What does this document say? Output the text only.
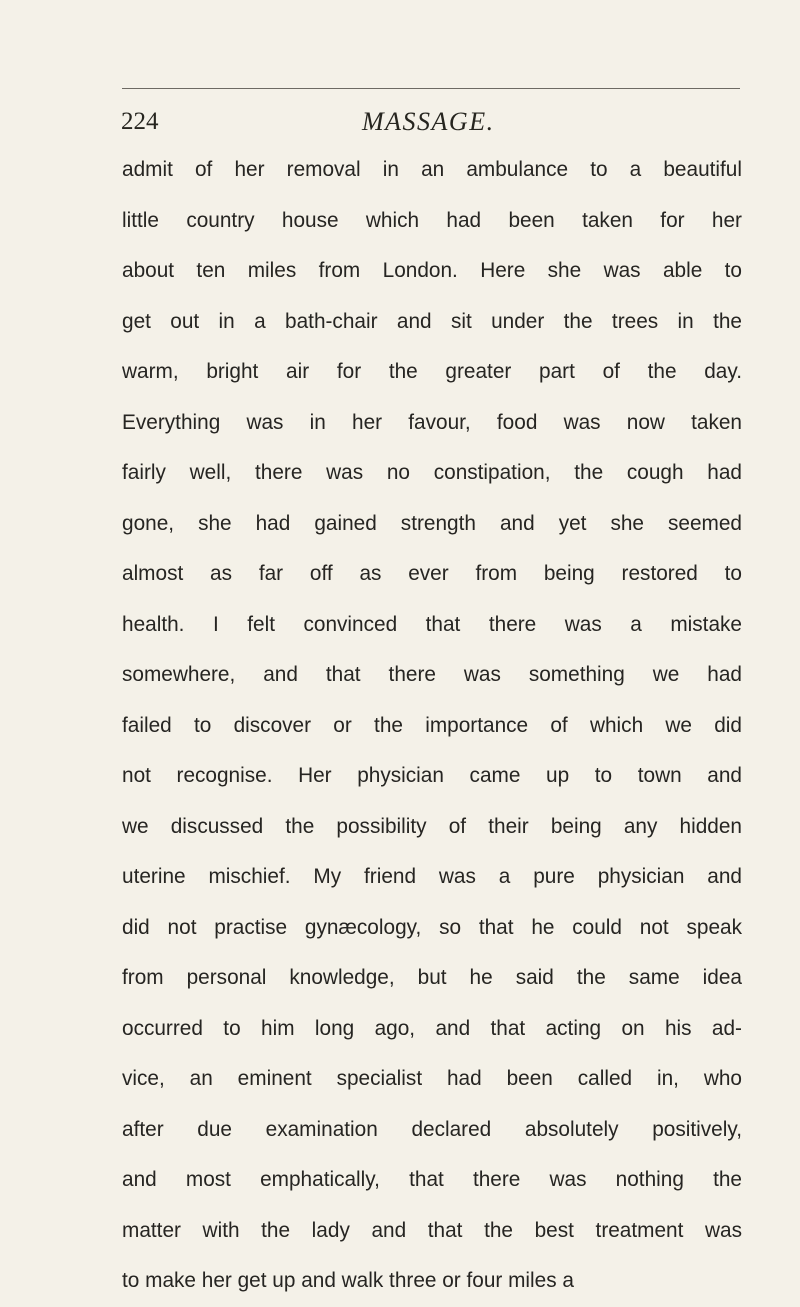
224	MASSAGE.
admit of her removal in an ambulance to a beautiful
little country house which had been taken for her
about ten miles from London. Here she was able to
get out in a bath-chair and sit under the trees in the
warm, bright air for the greater part of the day.
Everything was in her favour, food was now taken
fairly well, there was no constipation, the cough had
gone, she had gained strength and yet she seemed
almost as far off as ever from being restored to
health. I felt convinced that there was a mistake
somewhere, and that there was something we had
failed to discover or the importance of which we did
not recognise. Her physician came up to town and
we discussed the possibility of their being any hidden
uterine mischief. My friend was a pure physician and
did not practise gynæcology, so that he could not speak
from personal knowledge, but he said the same idea
occurred to him long ago, and that acting on his ad-
vice, an eminent specialist had been called in, who
after due examination declared absolutely positively,
and most emphatically, that there was nothing the
matter with the lady and that the best treatment was
to make her get up and walk three or four miles a
